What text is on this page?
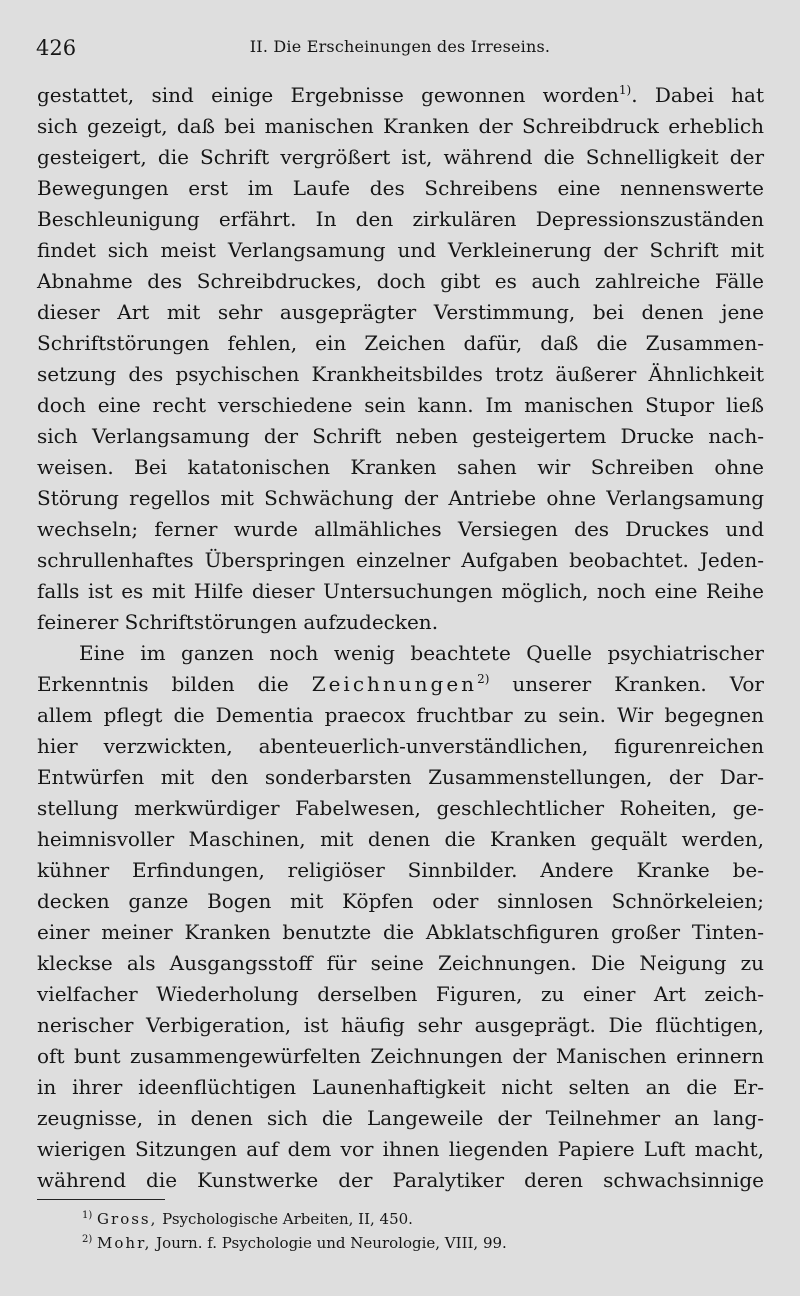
426	II. Die Erscheinungen des Irreseins.
gestattet, sind einige Ergebnisse gewonnen worden$^{1)}$. Dabei hat
sich gezeigt, daß bei manischen Kranken der Schreibdruck erheblich
gesteigert, die Schrift vergrößert ist, während die Schnelligkeit der
Bewegungen erst im Laufe des Schreibens eine nennenswerte
Beschleunigung erfährt. In den zirkulären Depressionszuständen
findet sich meist Verlangsamung und Verkleinerung der Schrift mit
Abnahme des Schreibdruckes, doch gibt es auch zahlreiche Fälle
dieser Art mit sehr ausgeprägter Verstimmung, bei denen jene
Schriftstörungen fehlen, ein Zeichen dafür, daß die Zusammen-
setzung des psychischen Krankheitsbildes trotz äußerer Ähnlichkeit
doch eine recht verschiedene sein kann. Im manischen Stupor ließ
sich Verlangsamung der Schrift neben gesteigertem Drucke nach-
weisen. Bei katatonischen Kranken sahen wir Schreiben ohne
Störung regellos mit Schwächung der Antriebe ohne Verlangsamung
wechseln; ferner wurde allmähliches Versiegen des Druckes und
schrullenhaftes Überspringen einzelner Aufgaben beobachtet. Jeden-
falls ist es mit Hilfe dieser Untersuchungen möglich, noch eine Reihe
feinerer Schriftstörungen aufzudecken.
Eine im ganzen noch wenig beachtete Quelle psychiatrischer
Erkenntnis bilden die Zeichnungen$^{2)}$ unserer Kranken. Vor
allem pflegt die Dementia praecox fruchtbar zu sein. Wir begegnen
hier verzwickten, abenteuerlich-unverständlichen, figurenreichen
Entwürfen mit den sonderbarsten Zusammenstellungen, der Dar-
stellung merkwürdiger Fabelwesen, geschlechtlicher Roheiten, ge-
heimnisvoller Maschinen, mit denen die Kranken gequält werden,
kühner Erfindungen, religiöser Sinnbilder. Andere Kranke be-
decken ganze Bogen mit Köpfen oder sinnlosen Schnörkeleien;
einer meiner Kranken benutzte die Abklatschfiguren großer Tinten-
kleckse als Ausgangsstoff für seine Zeichnungen. Die Neigung zu
vielfacher Wiederholung derselben Figuren, zu einer Art zeich-
nerischer Verbigeration, ist häufig sehr ausgeprägt. Die flüchtigen,
oft bunt zusammengewürfelten Zeichnungen der Manischen erinnern
in ihrer ideenflüchtigen Launenhaftigkeit nicht selten an die Er-
zeugnisse, in denen sich die Langeweile der Teilnehmer an lang-
wierigen Sitzungen auf dem vor ihnen liegenden Papiere Luft macht,
während die Kunstwerke der Paralytiker deren schwachsinnige
$^{1)}$ Gross, Psychologische Arbeiten, II, 450.
$^{2)}$ Mohr, Journ. f. Psychologie und Neurologie, VIII, 99.
